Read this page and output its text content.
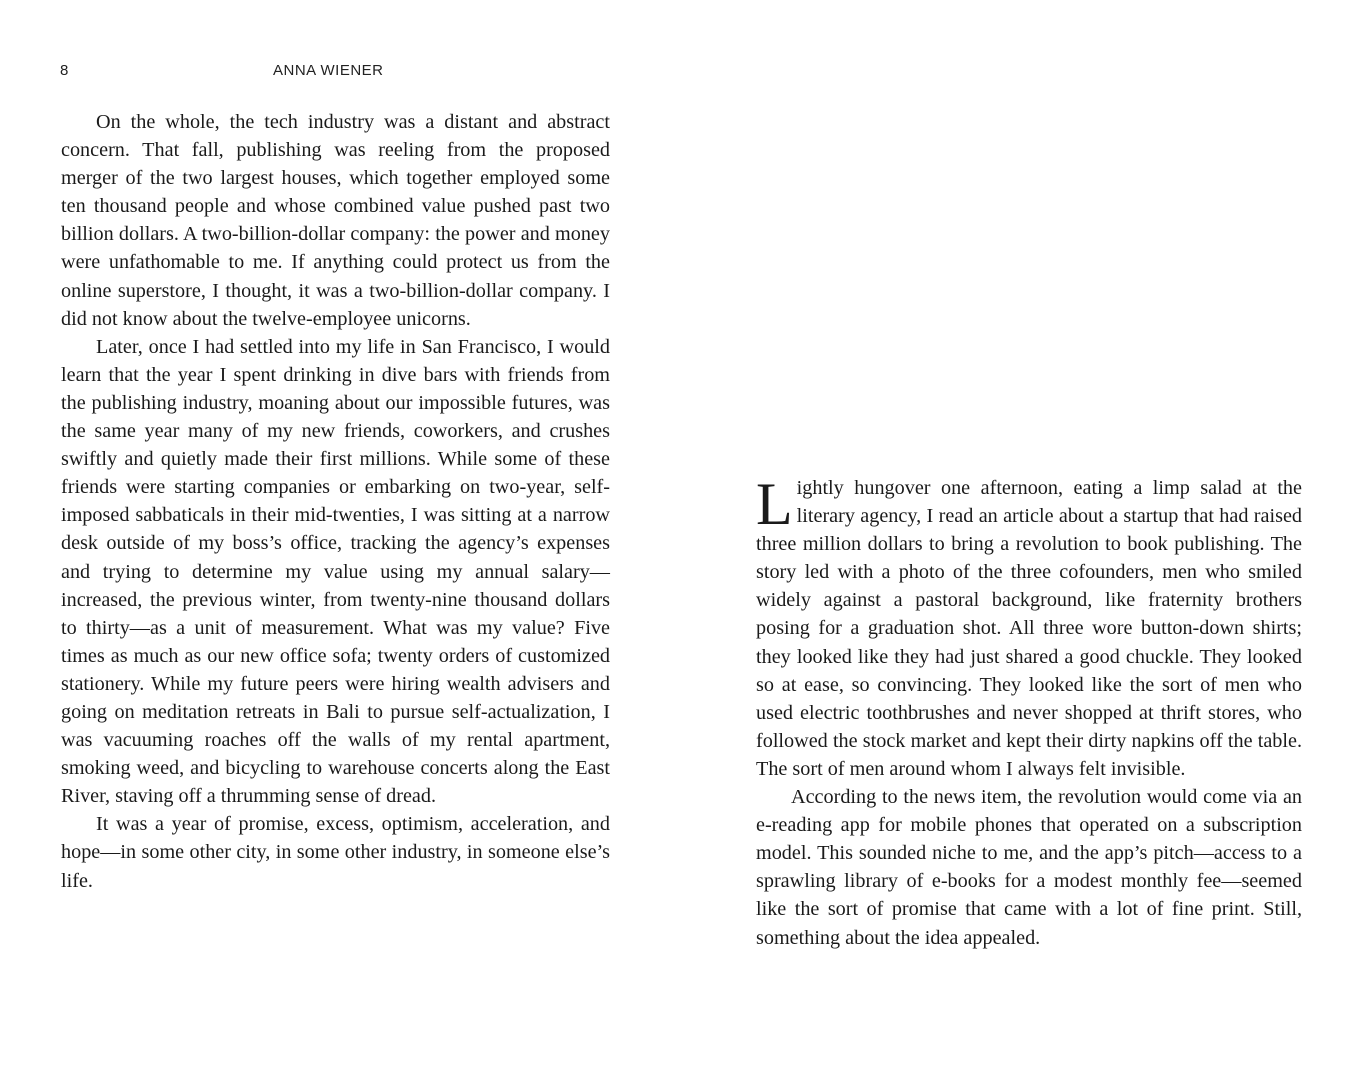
8	ANNA WIENER

On the whole, the tech industry was a distant and abstract concern. That fall, publishing was reeling from the proposed merger of the two largest houses, which together employed some ten thousand people and whose combined value pushed past two billion dollars. A two-billion-dollar company: the power and money were unfathomable to me. If anything could protect us from the online superstore, I thought, it was a two-billion-dollar company. I did not know about the twelve-employee unicorns.

Later, once I had settled into my life in San Francisco, I would learn that the year I spent drinking in dive bars with friends from the publishing industry, moaning about our impossible futures, was the same year many of my new friends, coworkers, and crushes swiftly and quietly made their first millions. While some of these friends were starting companies or embarking on two-year, self-imposed sabbaticals in their mid-twenties, I was sitting at a narrow desk outside of my boss’s office, tracking the agency’s expenses and trying to determine my value using my annual salary—increased, the previous winter, from twenty-nine thousand dollars to thirty—as a unit of measurement. What was my value? Five times as much as our new office sofa; twenty orders of customized stationery. While my future peers were hiring wealth advisers and going on meditation retreats in Bali to pursue self-actualization, I was vacuuming roaches off the walls of my rental apartment, smoking weed, and bicycling to warehouse concerts along the East River, staving off a thrumming sense of dread.

It was a year of promise, excess, optimism, acceleration, and hope—in some other city, in some other industry, in someone else’s life.

Lightly hungover one afternoon, eating a limp salad at the literary agency, I read an article about a startup that had raised three million dollars to bring a revolution to book publishing. The story led with a photo of the three cofounders, men who smiled widely against a pastoral background, like fraternity brothers posing for a graduation shot. All three wore button-down shirts; they looked like they had just shared a good chuckle. They looked so at ease, so convincing. They looked like the sort of men who used electric toothbrushes and never shopped at thrift stores, who followed the stock market and kept their dirty napkins off the table. The sort of men around whom I always felt invisible.

According to the news item, the revolution would come via an e-reading app for mobile phones that operated on a subscription model. This sounded niche to me, and the app’s pitch—access to a sprawling library of e-books for a modest monthly fee—seemed like the sort of promise that came with a lot of fine print. Still, something about the idea appealed.
